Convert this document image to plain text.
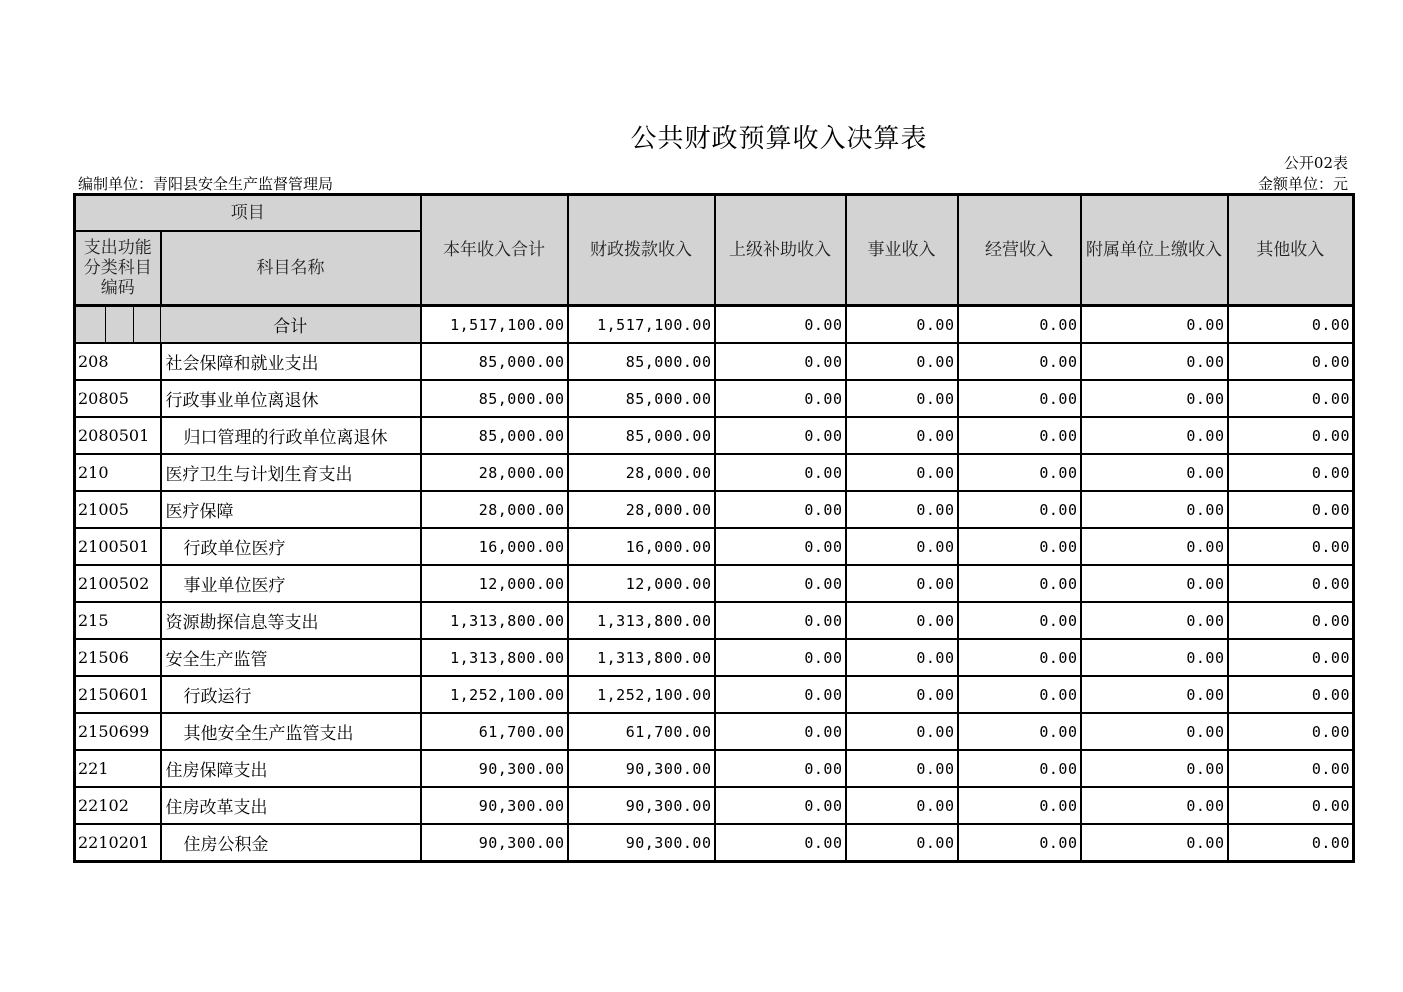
公共财政预算收入决算表
公开02表
编制单位：青阳县安全生产监督管理局	金额单位：元
项目		本年收入合计	财政拨款收入	上级补助收入	事业收入	经营收入	附属单位上缴收入	其他收入
支出功能分类科目编码	科目名称							

	合计	1,517,100.00	1,517,100.00	0.00	0.00	0.00	0.00	0.00
208	社会保障和就业支出	85,000.00	85,000.00	0.00	0.00	0.00	0.00	0.00
20805	行政事业单位离退休	85,000.00	85,000.00	0.00	0.00	0.00	0.00	0.00
2080501	归口管理的行政单位离退休	85,000.00	85,000.00	0.00	0.00	0.00	0.00	0.00
210	医疗卫生与计划生育支出	28,000.00	28,000.00	0.00	0.00	0.00	0.00	0.00
21005	医疗保障	28,000.00	28,000.00	0.00	0.00	0.00	0.00	0.00
2100501	行政单位医疗	16,000.00	16,000.00	0.00	0.00	0.00	0.00	0.00
2100502	事业单位医疗	12,000.00	12,000.00	0.00	0.00	0.00	0.00	0.00
215	资源勘探信息等支出	1,313,800.00	1,313,800.00	0.00	0.00	0.00	0.00	0.00
21506	安全生产监管	1,313,800.00	1,313,800.00	0.00	0.00	0.00	0.00	0.00
2150601	行政运行	1,252,100.00	1,252,100.00	0.00	0.00	0.00	0.00	0.00
2150699	其他安全生产监管支出	61,700.00	61,700.00	0.00	0.00	0.00	0.00	0.00
221	住房保障支出	90,300.00	90,300.00	0.00	0.00	0.00	0.00	0.00
22102	住房改革支出	90,300.00	90,300.00	0.00	0.00	0.00	0.00	0.00
2210201	住房公积金	90,300.00	90,300.00	0.00	0.00	0.00	0.00	0.00
